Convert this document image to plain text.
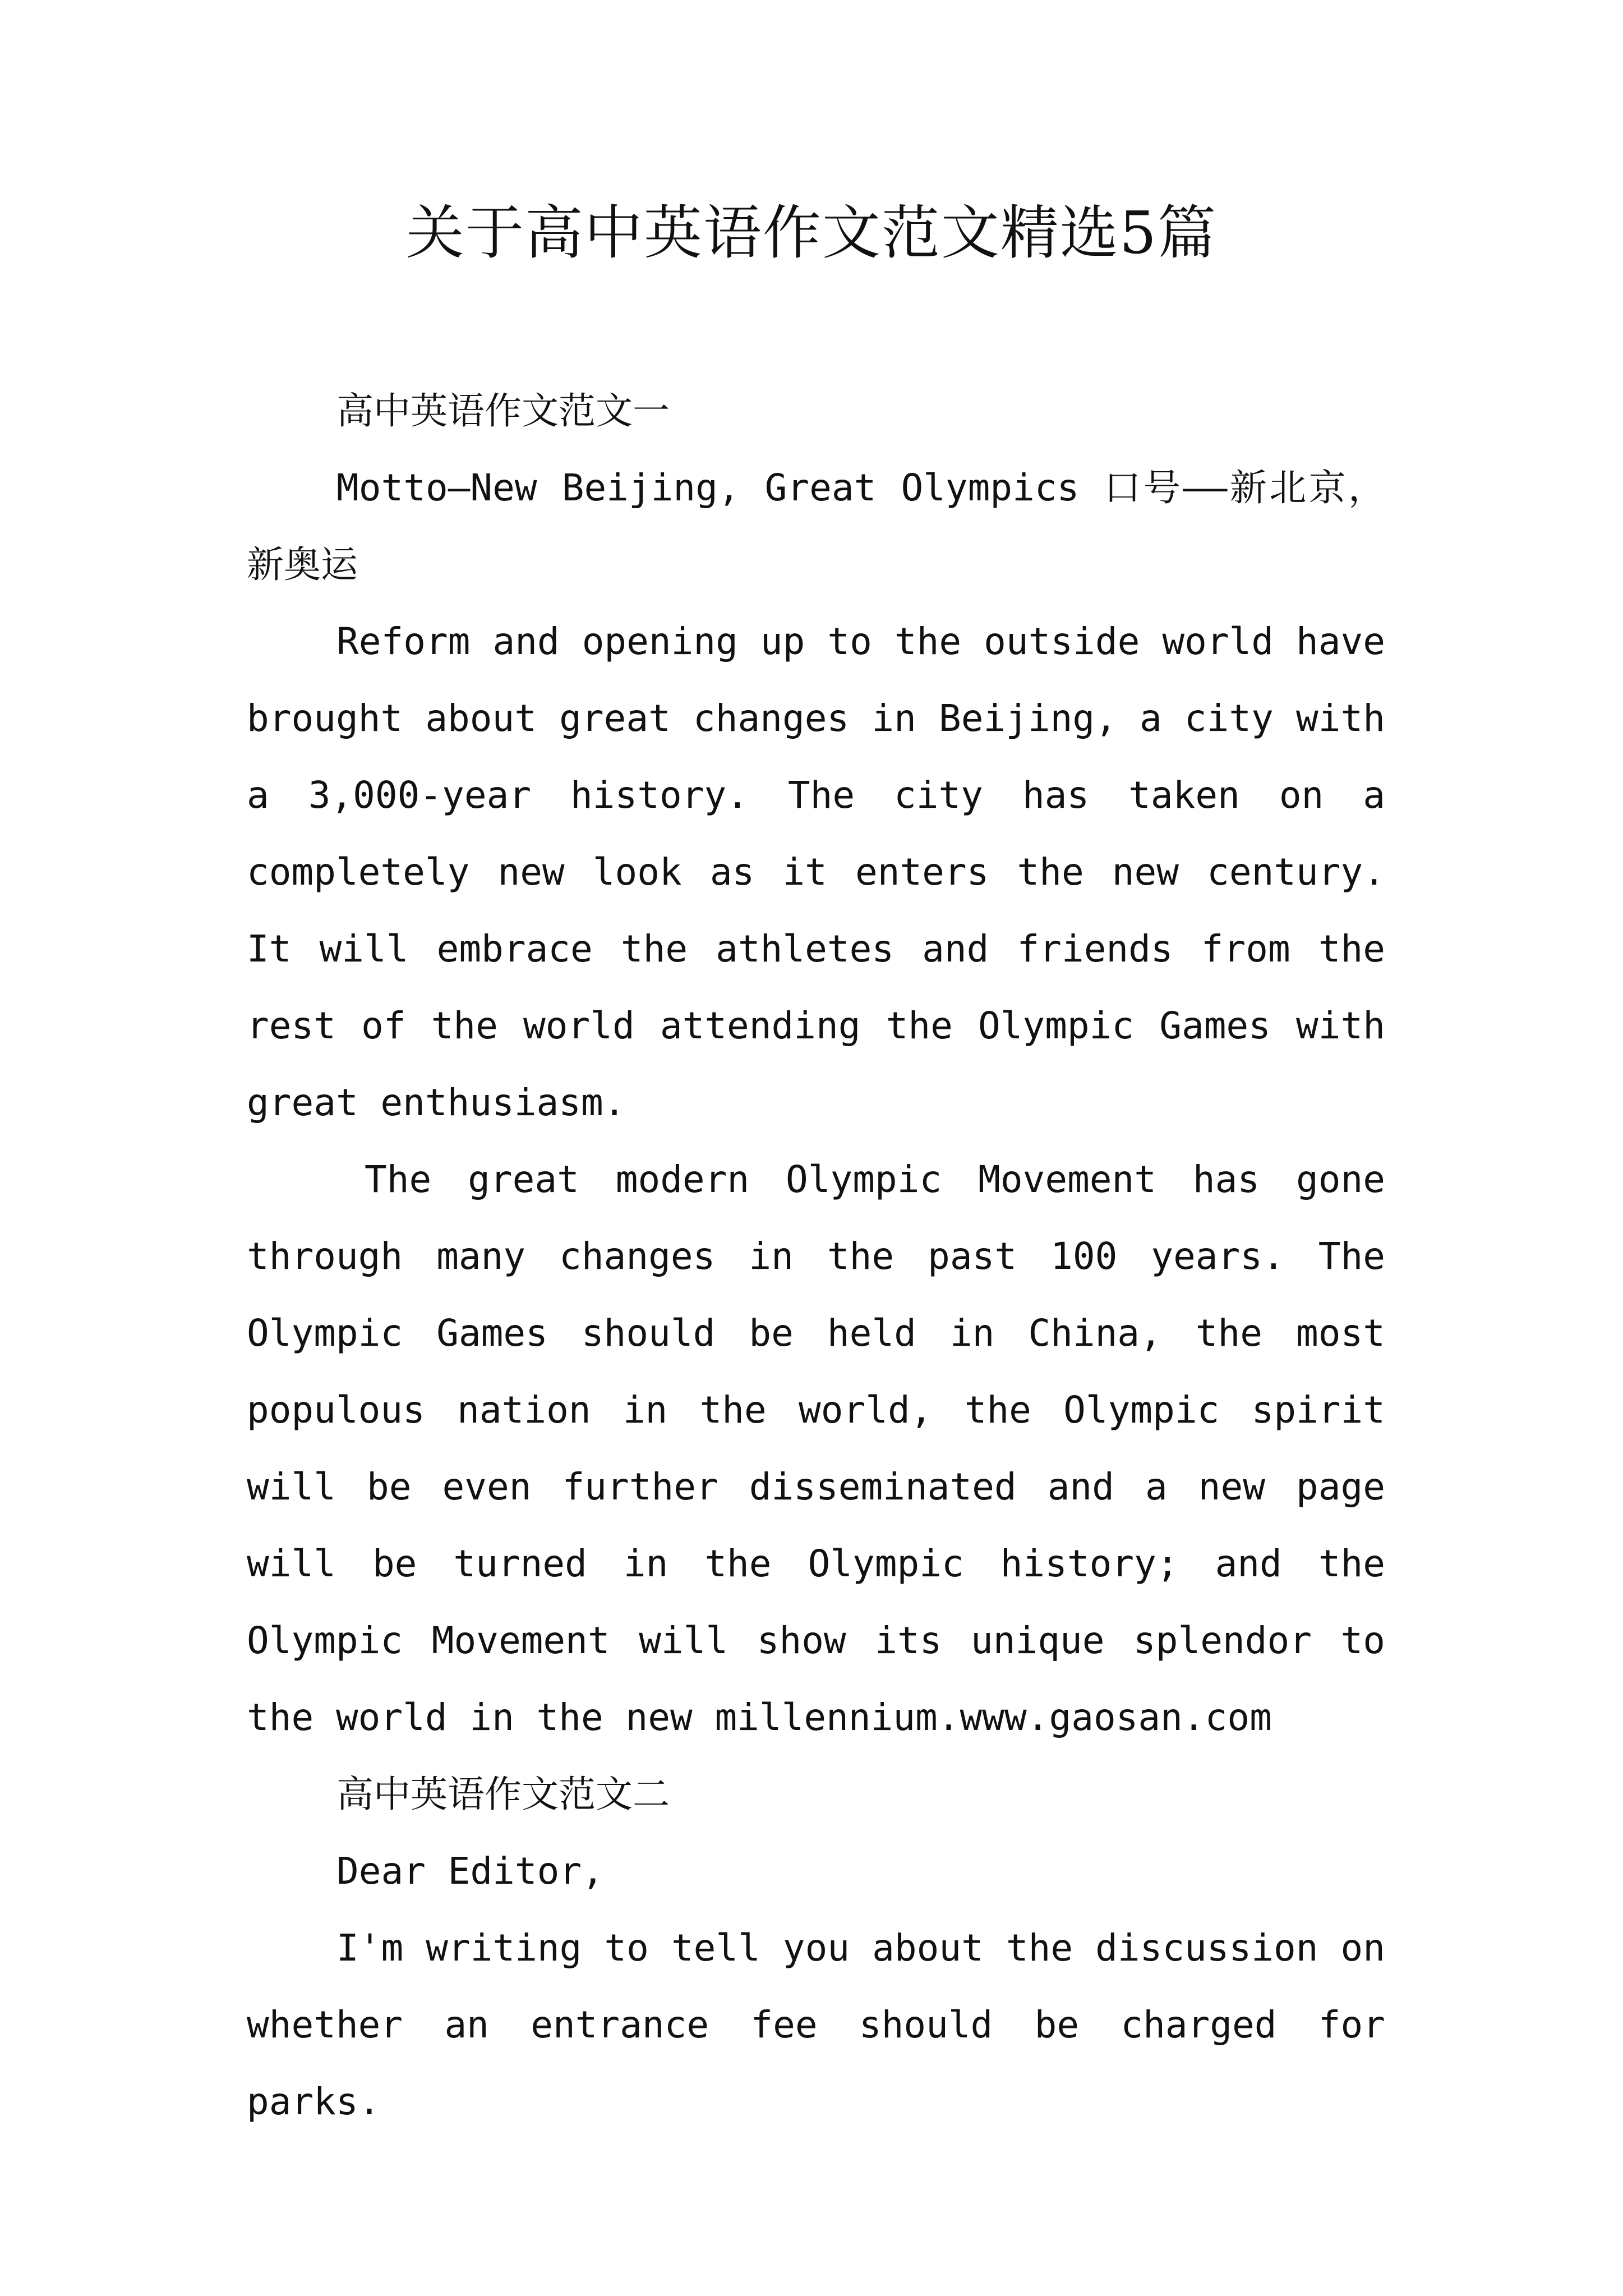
关于高中英语作文范文精选5篇

高中英语作文范文一

Motto—New Beijing, Great Olympics 口号——新北京，新奥运

Reform and opening up to the outside world have brought about great changes in Beijing, a city with a 3,000-year history. The city has taken on a completely new look as it enters the new century. It will embrace the athletes and friends from the rest of the world attending the Olympic Games with great enthusiasm.

The great modern Olympic Movement has gone through many changes in the past 100 years. The Olympic Games should be held in China, the most populous nation in the world, the Olympic spirit will be even further disseminated and a new page will be turned in the Olympic history; and the Olympic Movement will show its unique splendor to the world in the new millennium.www.gaosan.com

高中英语作文范文二

Dear Editor,

I'm writing to tell you about the discussion on whether an entrance fee should be charged for parks.
